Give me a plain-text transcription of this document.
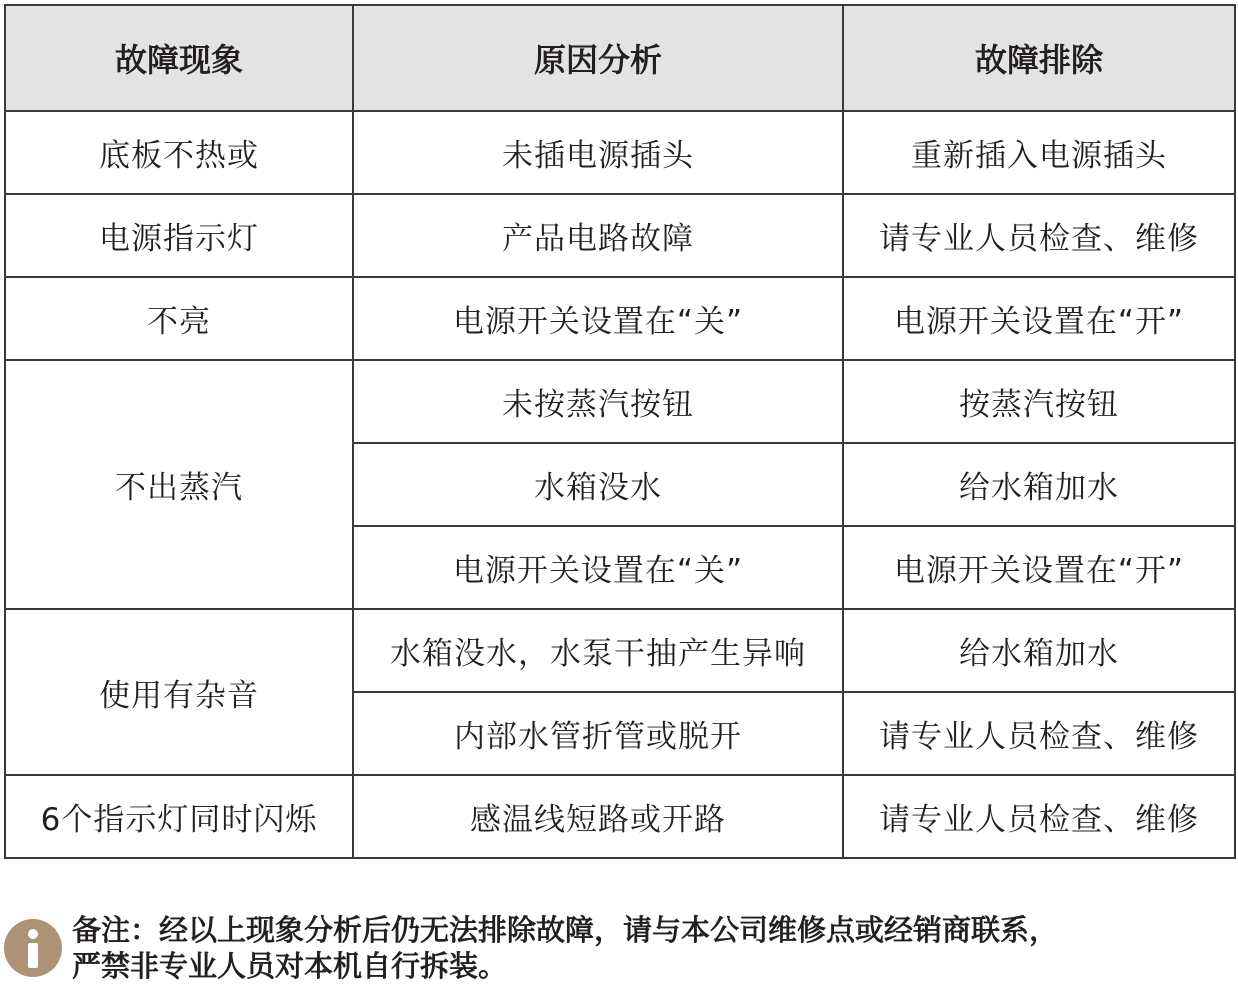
故障现象	原因分析	故障排除
底板不热或	未插电源插头	重新插入电源插头
电源指示灯	产品电路故障	请专业人员检查、维修
不亮	电源开关设置在“关”	电源开关设置在“开”
不出蒸汽	未按蒸汽按钮	按蒸汽按钮
	水箱没水	给水箱加水
	电源开关设置在“关”	电源开关设置在“开”
使用有杂音	水箱没水，水泵干抽产生异响	给水箱加水
	内部水管折管或脱开	请专业人员检查、维修
6个指示灯同时闪烁	感温线短路或开路	请专业人员检查、维修
备注：经以上现象分析后仍无法排除故障，请与本公司维修点或经销商联系，
严禁非专业人员对本机自行拆装。
